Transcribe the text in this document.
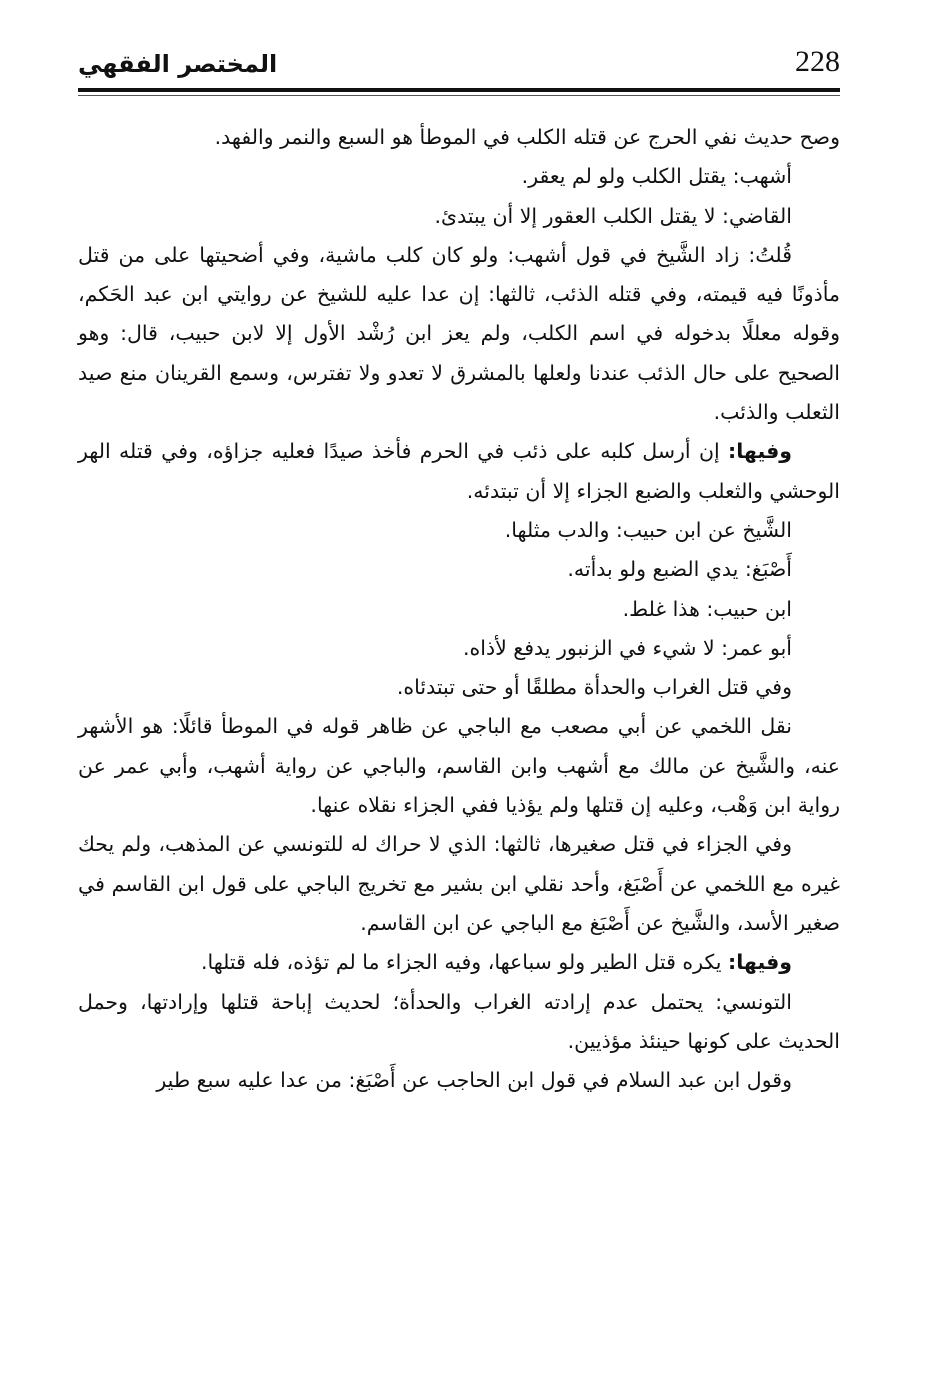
228
المختصر الفقهي

وصح حديث نفي الحرج عن قتله الكلب في الموطأ هو السبع والنمر والفهد.

أشهب: يقتل الكلب ولو لم يعقر.

القاضي: لا يقتل الكلب العقور إلا أن يبتدئ.

قُلتُ: زاد الشَّيخ في قول أشهب: ولو كان كلب ماشية، وفي أضحيتها على من قتل مأذونًا فيه قيمته، وفي قتله الذئب، ثالثها: إن عدا عليه للشيخ عن روايتي ابن عبد الحَكم، وقوله معللًا بدخوله في اسم الكلب، ولم يعز ابن رُشْد الأول إلا لابن حبيب، قال: وهو الصحيح على حال الذئب عندنا ولعلها بالمشرق لا تعدو ولا تفترس، وسمع القرينان منع صيد الثعلب والذئب.

وفيها: إن أرسل كلبه على ذئب في الحرم فأخذ صيدًا فعليه جزاؤه، وفي قتله الهر الوحشي والثعلب والضبع الجزاء إلا أن تبتدئه.

الشَّيخ عن ابن حبيب: والدب مثلها.

أَصْبَغ: يدي الضبع ولو بدأته.

ابن حبيب: هذا غلط.

أبو عمر: لا شيء في الزنبور يدفع لأذاه.

وفي قتل الغراب والحدأة مطلقًا أو حتى تبتدئاه.

نقل اللخمي عن أبي مصعب مع الباجي عن ظاهر قوله في الموطأ قائلًا: هو الأشهر عنه، والشَّيخ عن مالك مع أشهب وابن القاسم، والباجي عن رواية أشهب، وأبي عمر عن رواية ابن وَهْب، وعليه إن قتلها ولم يؤذيا ففي الجزاء نقلاه عنها.

وفي الجزاء في قتل صغيرها، ثالثها: الذي لا حراك له للتونسي عن المذهب، ولم يحك غيره مع اللخمي عن أَصْبَغ، وأحد نقلي ابن بشير مع تخريج الباجي على قول ابن القاسم في صغير الأسد، والشَّيخ عن أَصْبَغ مع الباجي عن ابن القاسم.

وفيها: يكره قتل الطير ولو سباعها، وفيه الجزاء ما لم تؤذه، فله قتلها.

التونسي: يحتمل عدم إرادته الغراب والحدأة؛ لحديث إباحة قتلها وإرادتها، وحمل الحديث على كونها حينئذ مؤذيين.

وقول ابن عبد السلام في قول ابن الحاجب عن أَصْبَغ: من عدا عليه سبع طير
